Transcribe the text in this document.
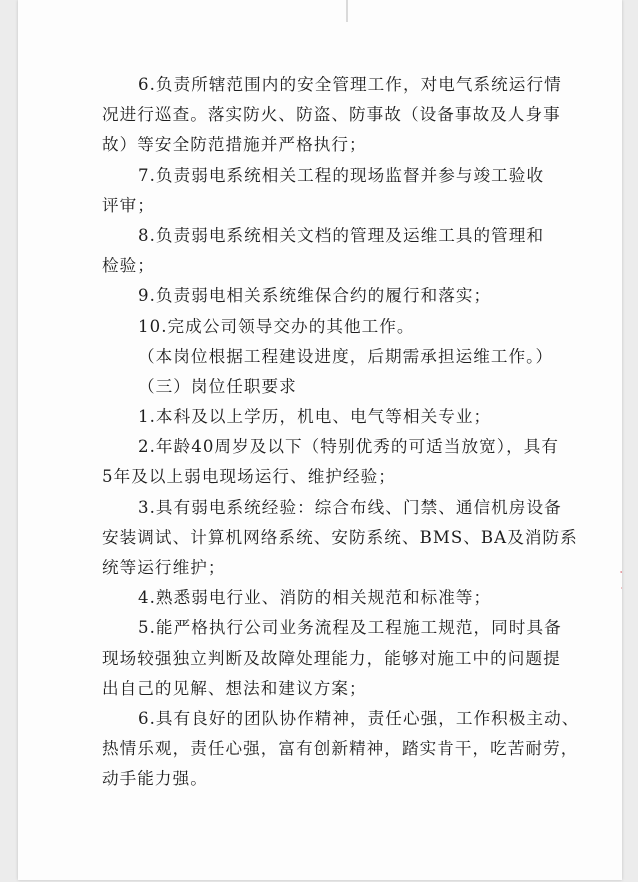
6.负责所辖范围内的安全管理工作，对电气系统运行情
况进行巡查。落实防火、防盗、防事故（设备事故及人身事
故）等安全防范措施并严格执行；
7.负责弱电系统相关工程的现场监督并参与竣工验收
评审；
8.负责弱电系统相关文档的管理及运维工具的管理和
检验；
9.负责弱电相关系统维保合约的履行和落实；
10.完成公司领导交办的其他工作。
（本岗位根据工程建设进度，后期需承担运维工作。）
（三）岗位任职要求
1.本科及以上学历，机电、电气等相关专业；
2.年龄40周岁及以下（特别优秀的可适当放宽），具有
5年及以上弱电现场运行、维护经验；
3.具有弱电系统经验：综合布线、门禁、通信机房设备
安装调试、计算机网络系统、安防系统、BMS、BA及消防系
统等运行维护；
4.熟悉弱电行业、消防的相关规范和标准等；
5.能严格执行公司业务流程及工程施工规范，同时具备
现场较强独立判断及故障处理能力，能够对施工中的问题提
出自己的见解、想法和建议方案；
6.具有良好的团队协作精神，责任心强，工作积极主动、
热情乐观，责任心强，富有创新精神，踏实肯干，吃苦耐劳，
动手能力强。
